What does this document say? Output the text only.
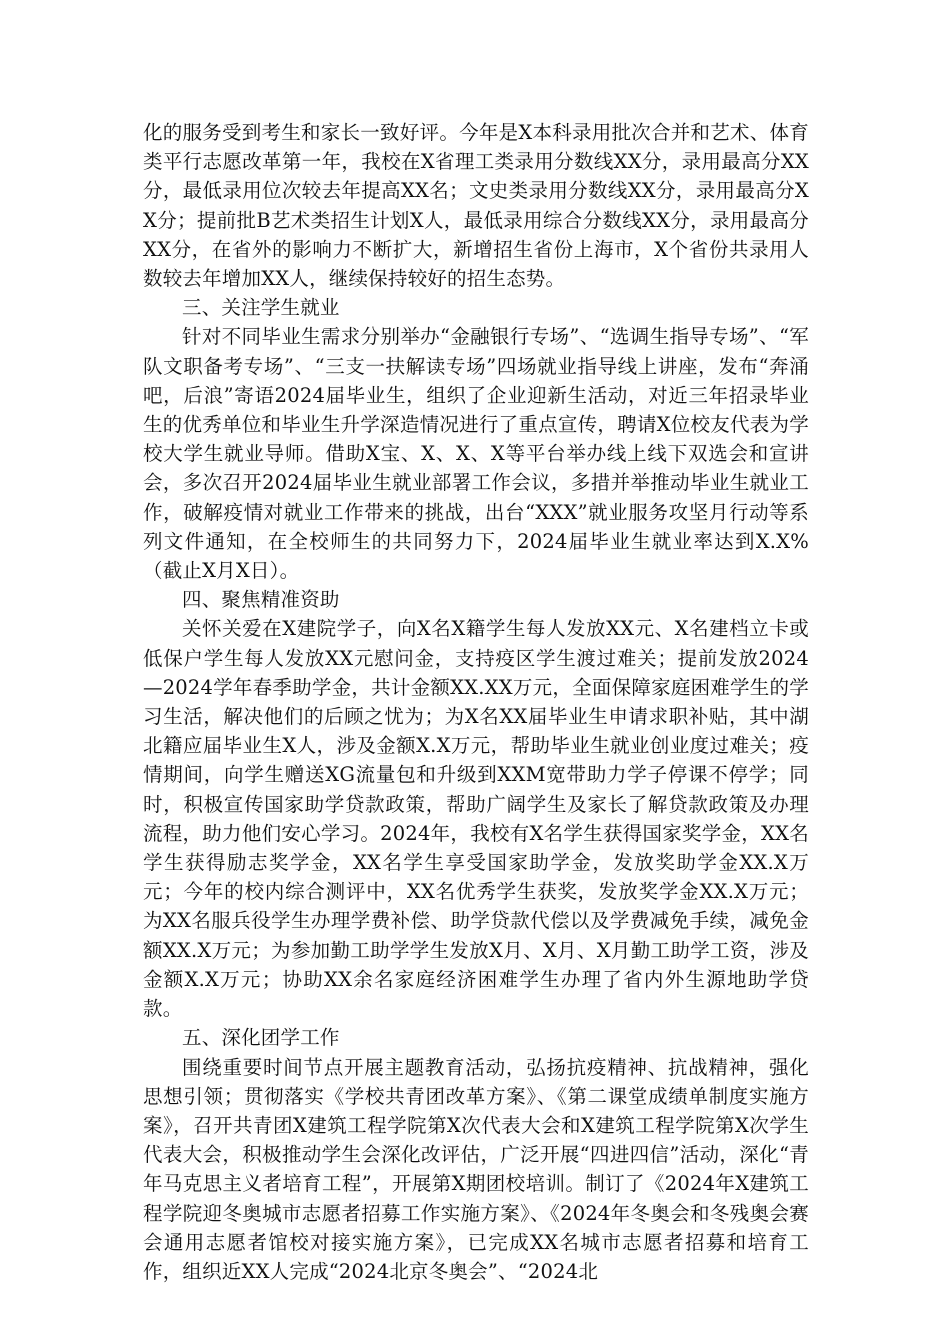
化的服务受到考生和家长一致好评。今年是X本科录用批次合并和艺术、体育类平行志愿改革第一年，我校在X省理工类录用分数线XX分，录用最高分XX分，最低录用位次较去年提高XX名；文史类录用分数线XX分，录用最高分XX分；提前批B艺术类招生计划X人，最低录用综合分数线XX分，录用最高分XX分，在省外的影响力不断扩大，新增招生省份上海市，X个省份共录用人数较去年增加XX人，继续保持较好的招生态势。

三、关注学生就业

针对不同毕业生需求分别举办“金融银行专场”、“选调生指导专场”、“军队文职备考专场”、“三支一扶解读专场”四场就业指导线上讲座，发布“奔涌吧，后浪”寄语2024届毕业生，组织了企业迎新生活动，对近三年招录毕业生的优秀单位和毕业生升学深造情况进行了重点宣传，聘请X位校友代表为学校大学生就业导师。借助X宝、X、X、X等平台举办线上线下双选会和宣讲会，多次召开2024届毕业生就业部署工作会议，多措并举推动毕业生就业工作，破解疫情对就业工作带来的挑战，出台“XXX”就业服务攻坚月行动等系列文件通知，在全校师生的共同努力下，2024届毕业生就业率达到X.X%（截止X月X日）。

四、聚焦精准资助

关怀关爱在X建院学子，向X名X籍学生每人发放XX元、X名建档立卡或低保户学生每人发放XX元慰问金，支持疫区学生渡过难关；提前发放2024—2024学年春季助学金，共计金额XX.XX万元，全面保障家庭困难学生的学习生活，解决他们的后顾之忧为；为X名XX届毕业生申请求职补贴，其中湖北籍应届毕业生X人，涉及金额X.X万元，帮助毕业生就业创业度过难关；疫情期间，向学生赠送XG流量包和升级到XXM宽带助力学子停课不停学；同时，积极宣传国家助学贷款政策，帮助广阔学生及家长了解贷款政策及办理流程，助力他们安心学习。2024年，我校有X名学生获得国家奖学金，XX名学生获得励志奖学金，XX名学生享受国家助学金，发放奖助学金XX.X万元；今年的校内综合测评中，XX名优秀学生获奖，发放奖学金XX.X万元；为XX名服兵役学生办理学费补偿、助学贷款代偿以及学费减免手续，减免金额XX.X万元；为参加勤工助学学生发放X月、X月、X月勤工助学工资，涉及金额X.X万元；协助XX余名家庭经济困难学生办理了省内外生源地助学贷款。

五、深化团学工作

围绕重要时间节点开展主题教育活动，弘扬抗疫精神、抗战精神，强化思想引领；贯彻落实《学校共青团改革方案》、《第二课堂成绩单制度实施方案》，召开共青团X建筑工程学院第X次代表大会和X建筑工程学院第X次学生代表大会，积极推动学生会深化改评估，广泛开展“四进四信”活动，深化“青年马克思主义者培育工程”，开展第X期团校培训。制订了《2024年X建筑工程学院迎冬奥城市志愿者招募工作实施方案》、《2024年冬奥会和冬残奥会赛会通用志愿者馆校对接实施方案》，已完成XX名城市志愿者招募和培育工作，组织近XX人完成“2024北京冬奥会”、“2024北
